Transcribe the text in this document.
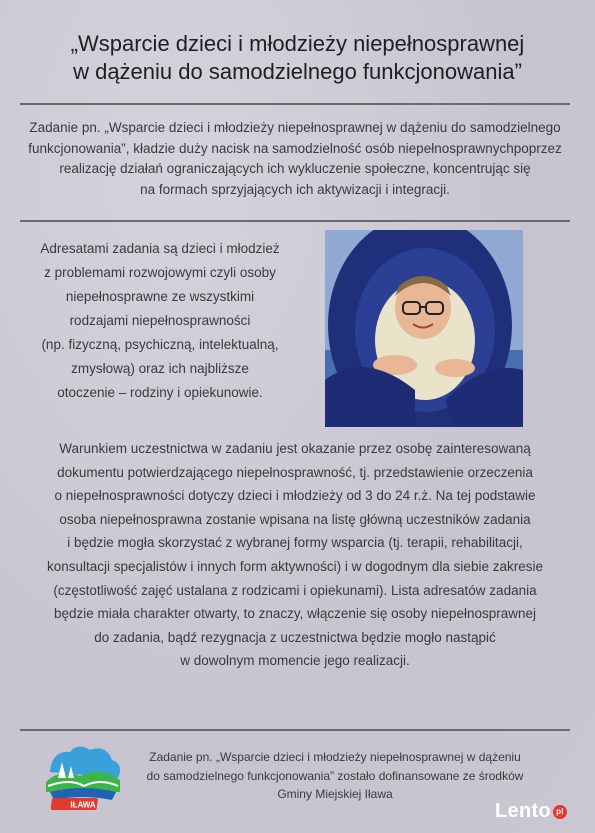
„Wsparcie dzieci i młodzieży niepełnosprawnej
w dążeniu do samodzielnego funkcjonowania”
Zadanie pn. „Wsparcie dzieci i młodzieży niepełnosprawnej w dążeniu do samodzielnego
funkcjonowania”, kładzie duży nacisk na samodzielność osób niepełnosprawnychpoprzez
realizację działań ograniczających ich wykluczenie społeczne, koncentrując się
na formach sprzyjających ich aktywizacji i integracji.
Adresatami zadania są dzieci i młodzież
z problemami rozwojowymi czyli osoby
niepełnosprawne ze wszystkimi
rodzajami niepełnosprawności
(np. fizyczną, psychiczną, intelektualną,
zmysłową) oraz ich najbliższe
otoczenie – rodziny i opiekunowie.
Warunkiem uczestnictwa w zadaniu jest okazanie przez osobę zainteresowaną
dokumentu potwierdzającego niepełnosprawność, tj. przedstawienie orzeczenia
o niepełnosprawności dotyczy dzieci i młodzieży od 3 do 24 r.ż. Na tej podstawie
osoba niepełnosprawna zostanie wpisana na listę główną uczestników zadania
i będzie mogła skorzystać z wybranej formy wsparcia (tj. terapii, rehabilitacji,
konsultacji specjalistów i innych form aktywności) i w dogodnym dla siebie zakresie
(częstotliwość zajęć ustalana z rodzicami i opiekunami). Lista adresatów zadania
będzie miała charakter otwarty, to znaczy, włączenie się osoby niepełnosprawnej
do zadania, bądź rezygnacja z uczestnictwa będzie mogło nastąpić
w dowolnym momencie jego realizacji.
IŁAWA
Zadanie pn. „Wsparcie dzieci i młodzieży niepełnosprawnej w dążeniu
do samodzielnego funkcjonowania” zostało dofinansowane ze środków
Gminy Miejskiej Iława
Lento pl
